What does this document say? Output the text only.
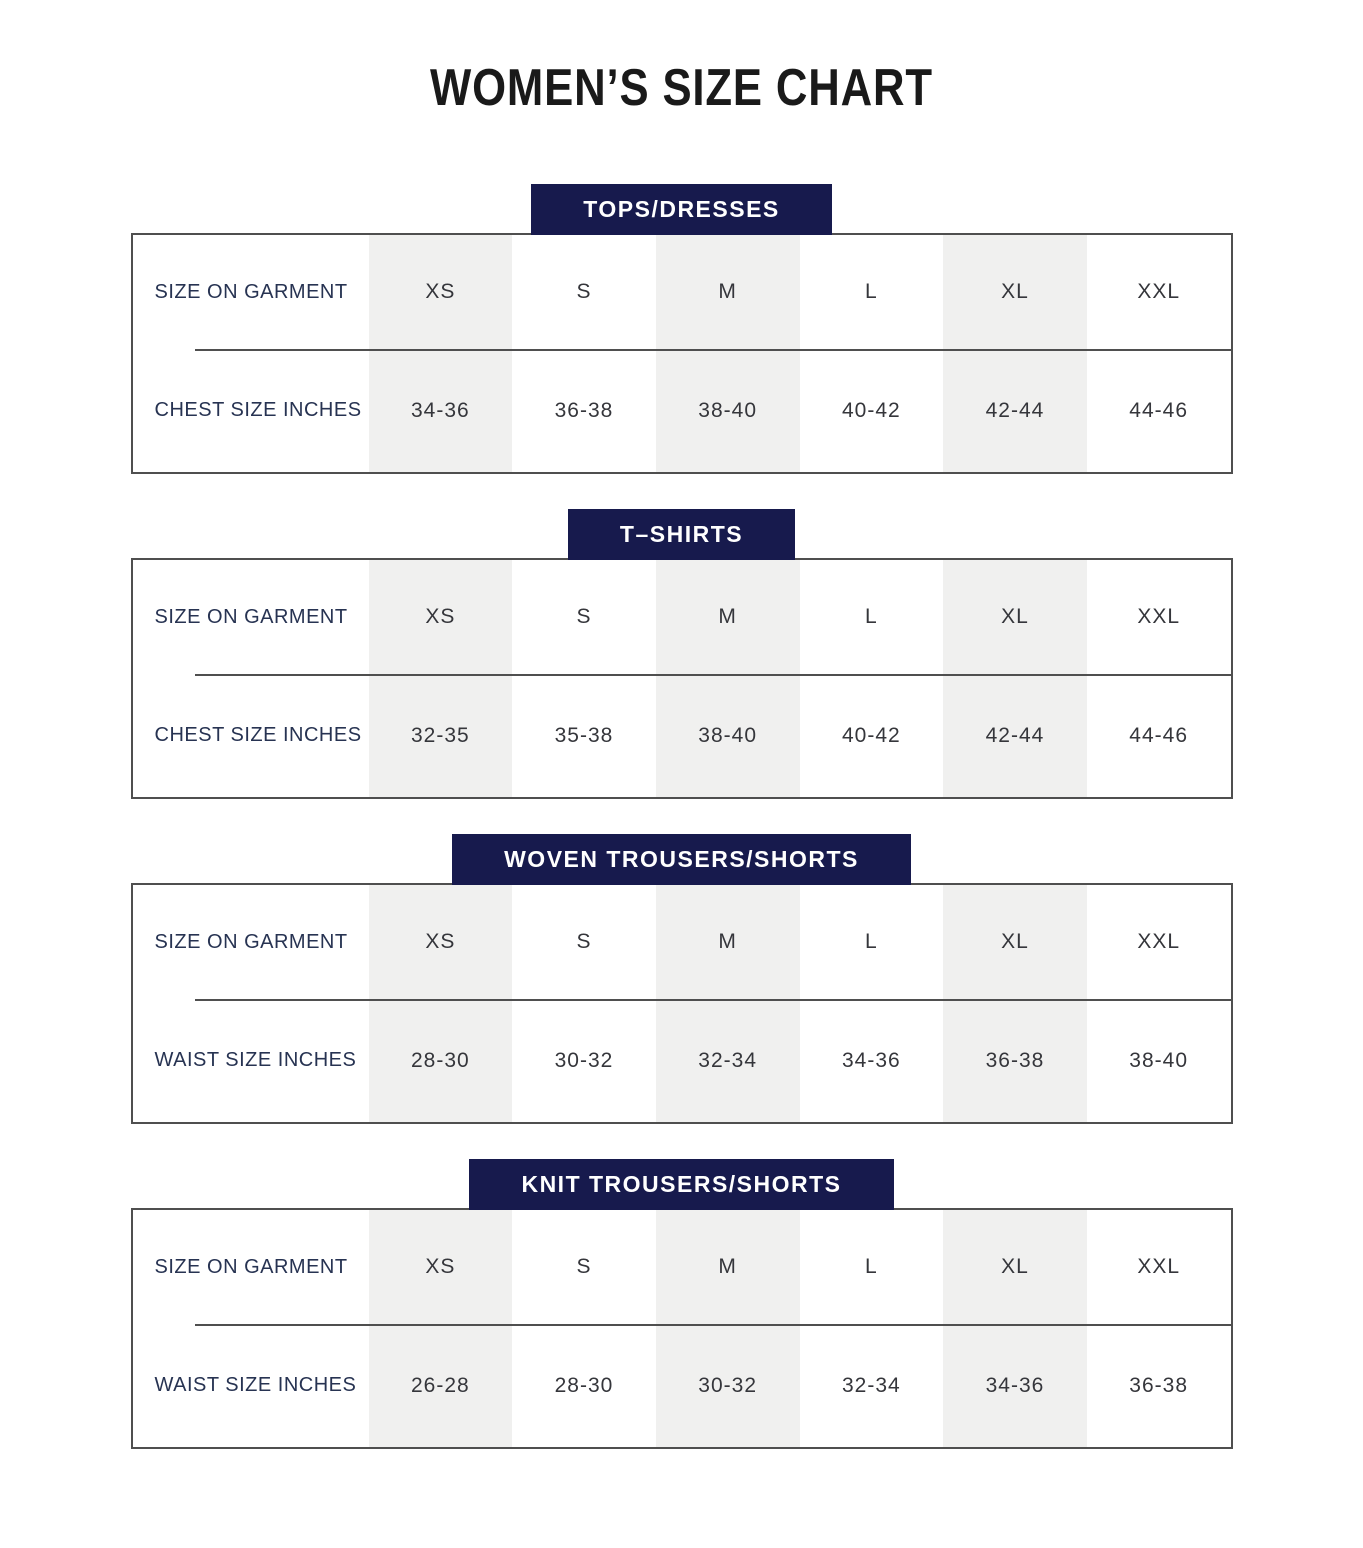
WOMEN’S SIZE CHART
TOPS/DRESSES
SIZE ON GARMENT	XS	S	M	L	XL	XXL
CHEST SIZE INCHES	34-36	36-38	38-40	40-42	42-44	44-46
T–SHIRTS
SIZE ON GARMENT	XS	S	M	L	XL	XXL
CHEST SIZE INCHES	32-35	35-38	38-40	40-42	42-44	44-46
WOVEN TROUSERS/SHORTS
SIZE ON GARMENT	XS	S	M	L	XL	XXL
WAIST SIZE INCHES	28-30	30-32	32-34	34-36	36-38	38-40
KNIT TROUSERS/SHORTS
SIZE ON GARMENT	XS	S	M	L	XL	XXL
WAIST SIZE INCHES	26-28	28-30	30-32	32-34	34-36	36-38
